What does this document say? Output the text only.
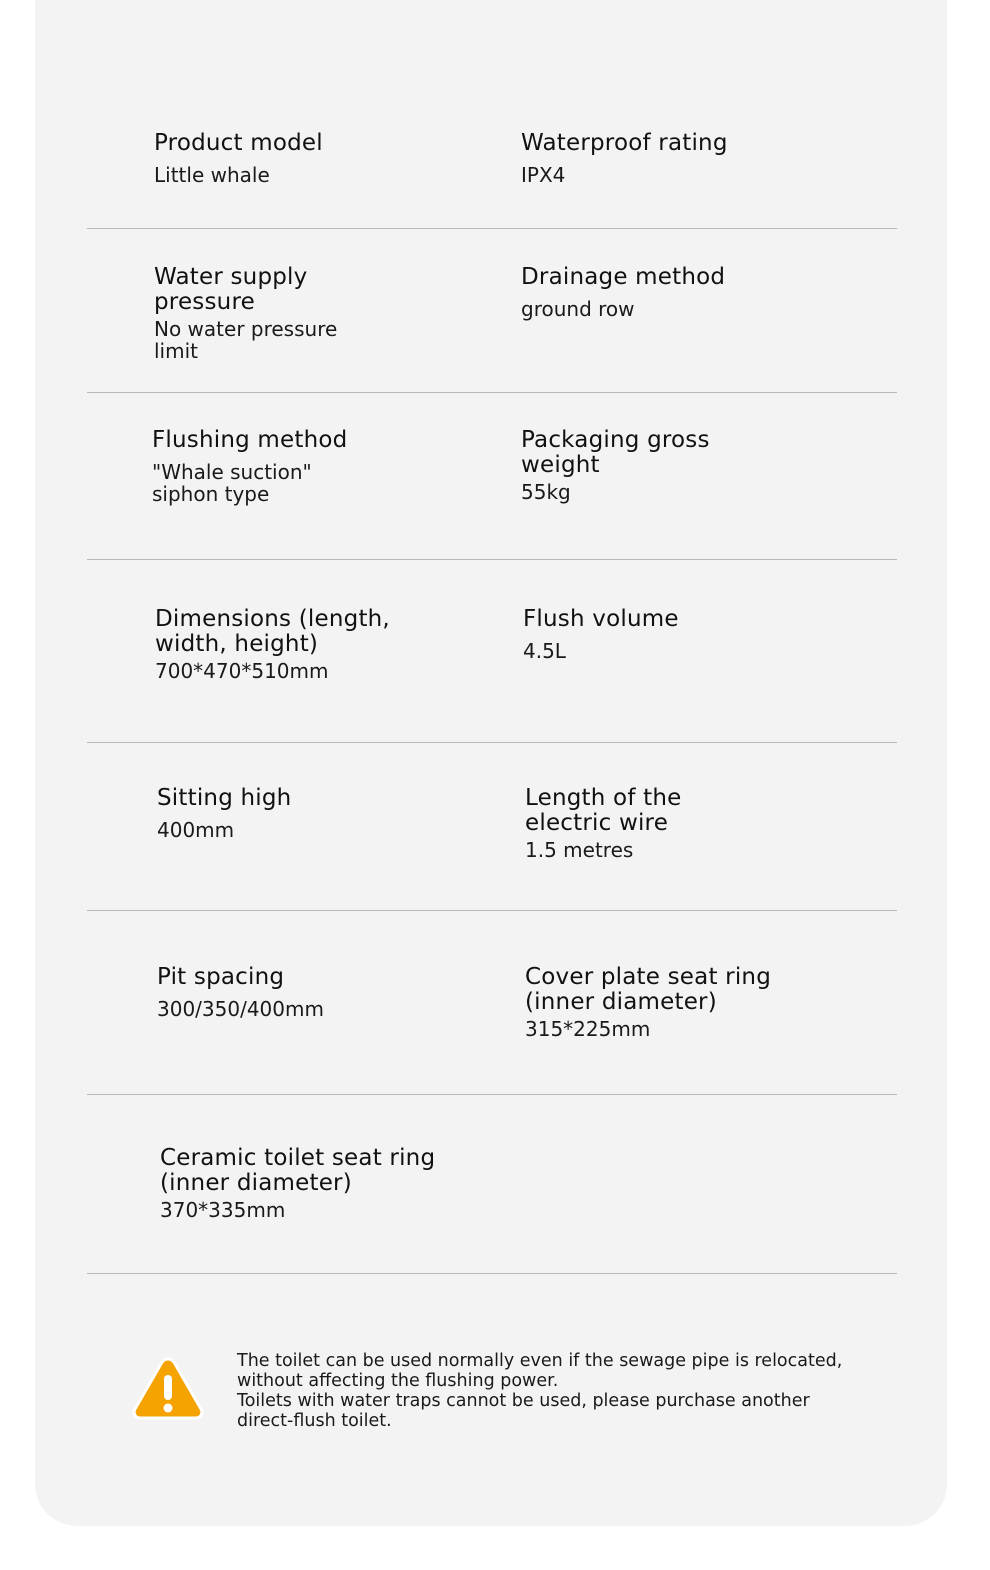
Product model
Little whale
Waterproof rating
IPX4
Water supply pressure
No water pressure limit
Drainage method
ground row
Flushing method
"Whale suction" siphon type
Packaging gross weight
55kg
Dimensions (length, width, height)
700*470*510mm
Flush volume
4.5L
Sitting high
400mm
Length of the electric wire
1.5 metres
Pit spacing
300/350/400mm
Cover plate seat ring (inner diameter)
315*225mm
Ceramic toilet seat ring (inner diameter)
370*335mm
The toilet can be used normally even if the sewage pipe is relocated, without affecting the flushing power.
Toilets with water traps cannot be used, please purchase another direct-flush toilet.
